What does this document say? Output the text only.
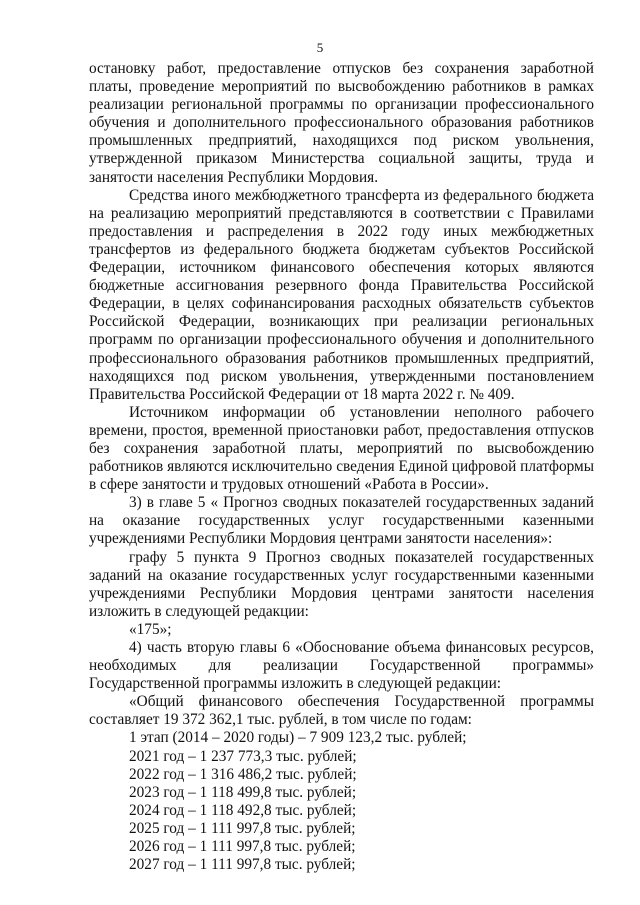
5

остановку работ, предоставление отпусков без сохранения заработной платы, проведение мероприятий по высвобождению работников в рамках реализации региональной программы по организации профессионального обучения и дополнительного профессионального образования работников промышленных предприятий, находящихся под риском увольнения, утвержденной приказом Министерства социальной защиты, труда и занятости населения Республики Мордовия.

Средства иного межбюджетного трансферта из федерального бюджета на реализацию мероприятий представляются в соответствии с Правилами предоставления и распределения в 2022 году иных межбюджетных трансфертов из федерального бюджета бюджетам субъектов Российской Федерации, источником финансового обеспечения которых являются бюджетные ассигнования резервного фонда Правительства Российской Федерации, в целях софинансирования расходных обязательств субъектов Российской Федерации, возникающих при реализации региональных программ по организации профессионального обучения и дополнительного профессионального образования работников промышленных предприятий, находящихся под риском увольнения, утвержденными постановлением Правительства Российской Федерации от 18 марта 2022 г. № 409.

Источником информации об установлении неполного рабочего времени, простоя, временной приостановки работ, предоставления отпусков без сохранения заработной платы, мероприятий по высвобождению работников являются исключительно сведения Единой цифровой платформы в сфере занятости и трудовых отношений «Работа в России».

3) в главе 5 « Прогноз сводных показателей государственных заданий на оказание государственных услуг государственными казенными учреждениями Республики Мордовия центрами занятости населения»:

графу 5 пункта 9 Прогноз сводных показателей государственных заданий на оказание государственных услуг государственными казенными учреждениями Республики Мордовия центрами занятости населения изложить в следующей редакции:

«175»;

4) часть вторую главы 6 «Обоснование объема финансовых ресурсов, необходимых для реализации Государственной программы» Государственной программы изложить в следующей редакции:

«Общий финансового обеспечения Государственной программы составляет 19 372 362,1 тыс. рублей, в том числе по годам:

1 этап (2014 – 2020 годы) – 7 909 123,2 тыс. рублей;

2021 год – 1 237 773,3 тыс. рублей;

2022 год – 1 316 486,2 тыс. рублей;

2023 год – 1 118 499,8 тыс. рублей;

2024 год – 1 118 492,8 тыс. рублей;

2025 год – 1 111 997,8 тыс. рублей;

2026 год – 1 111 997,8 тыс. рублей;

2027 год – 1 111 997,8 тыс. рублей;
